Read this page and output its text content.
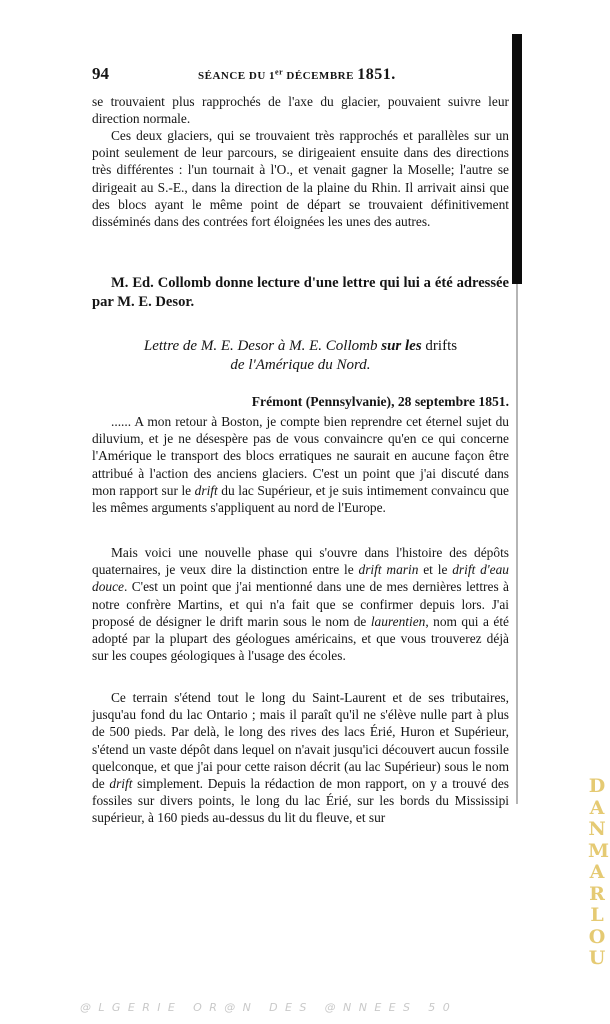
94	SÉANCE DU 1er DÉCEMBRE 1851.

se trouvaient plus rapprochés de l'axe du glacier, pouvaient suivre leur direction normale.

Ces deux glaciers, qui se trouvaient très rapprochés et parallèles sur un point seulement de leur parcours, se dirigeaient ensuite dans des directions très différentes : l'un tournait à l'O., et venait gagner la Moselle; l'autre se dirigeait au S.-E., dans la direction de la plaine du Rhin. Il arrivait ainsi que des blocs ayant le même point de départ se trouvaient définitivement disséminés dans des contrées fort éloignées les unes des autres.

M. Ed. Collomb donne lecture d'une lettre qui lui a été adressée par M. E. Desor.

Lettre de M. E. Desor à M. E. Collomb sur les drifts
de l'Amérique du Nord.
Frémont (Pennsylvanie), 28 septembre 1851.

...... A mon retour à Boston, je compte bien reprendre cet éternel sujet du diluvium, et je ne désespère pas de vous convaincre qu'en ce qui concerne l'Amérique le transport des blocs erratiques ne saurait en aucune façon être attribué à l'action des anciens glaciers. C'est un point que j'ai discuté dans mon rapport sur le drift du lac Supérieur, et je suis intimement convaincu que les mêmes arguments s'appliquent au nord de l'Europe.

Mais voici une nouvelle phase qui s'ouvre dans l'histoire des dépôts quaternaires, je veux dire la distinction entre le drift marin et le drift d'eau douce. C'est un point que j'ai mentionné dans une de mes dernières lettres à notre confrère Martins, et qui n'a fait que se confirmer depuis lors. J'ai proposé de désigner le drift marin sous le nom de laurentien, nom qui a été adopté par la plupart des géologues américains, et que vous trouverez déjà sur les coupes géologiques à l'usage des écoles.

Ce terrain s'étend tout le long du Saint-Laurent et de ses tributaires, jusqu'au fond du lac Ontario ; mais il paraît qu'il ne s'élève nulle part à plus de 500 pieds. Par delà, le long des rives des lacs Érié, Huron et Supérieur, s'étend un vaste dépôt dans lequel on n'avait jusqu'ici découvert aucun fossile quelconque, et que j'ai pour cette raison décrit (au lac Supérieur) sous le nom de drift simplement. Depuis la rédaction de mon rapport, on y a trouvé des fossiles sur divers points, le long du lac Érié, sur les bords du Mississipi supérieur, à 160 pieds au-dessus du lit du fleuve, et sur

D
A
N
M
A
R
L
O
U
@LGERIE OR@N DES @NNEES 50
